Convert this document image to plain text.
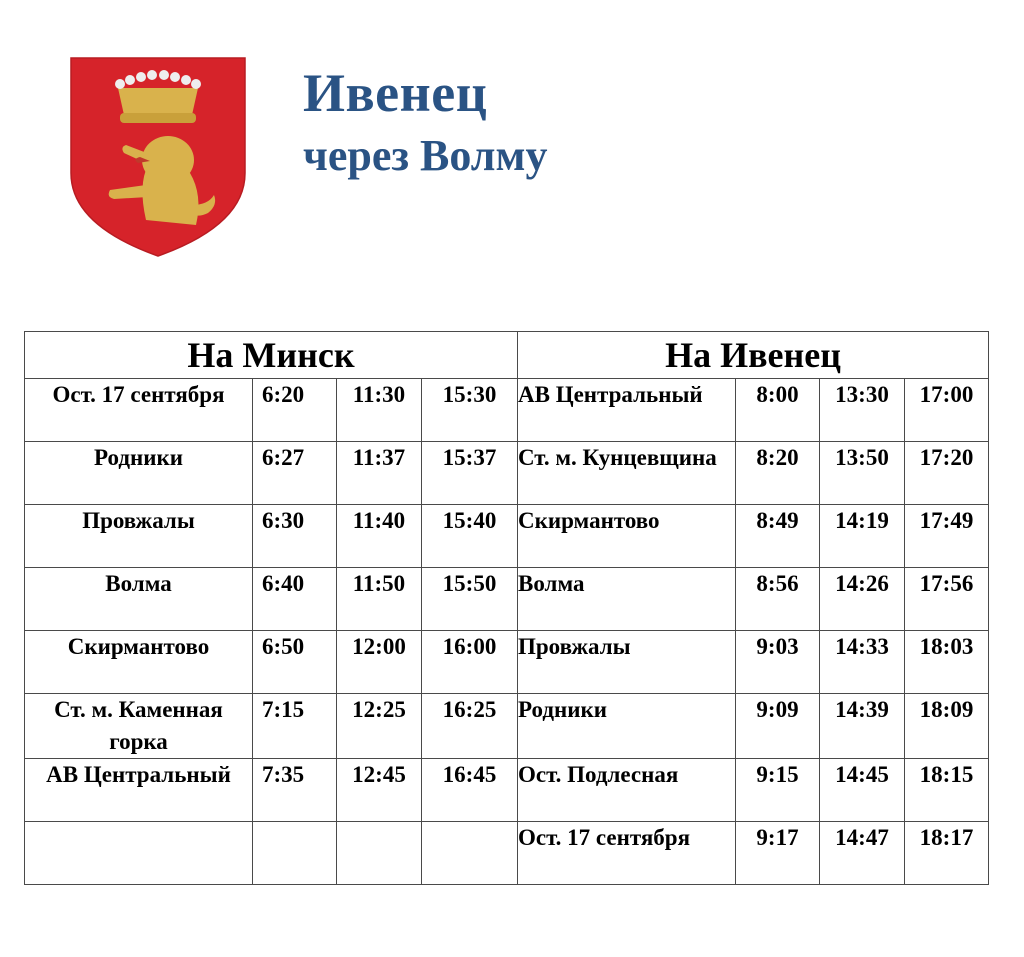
Ивенец
через Волму
На Минск				На Ивенец			
Ост. 17 сентября	6:20	11:30	15:30	АВ Центральный	8:00	13:30	17:00
Родники	6:27	11:37	15:37	Ст. м. Кунцевщина	8:20	13:50	17:20
Провжалы	6:30	11:40	15:40	Скирмантово	8:49	14:19	17:49
Волма	6:40	11:50	15:50	Волма	8:56	14:26	17:56
Скирмантово	6:50	12:00	16:00	Провжалы	9:03	14:33	18:03
Ст. м. Каменная горка	7:15	12:25	16:25	Родники	9:09	14:39	18:09
АВ Центральный	7:35	12:45	16:45	Ост. Подлесная	9:15	14:45	18:15
				Ост. 17 сентября	9:17	14:47	18:17
